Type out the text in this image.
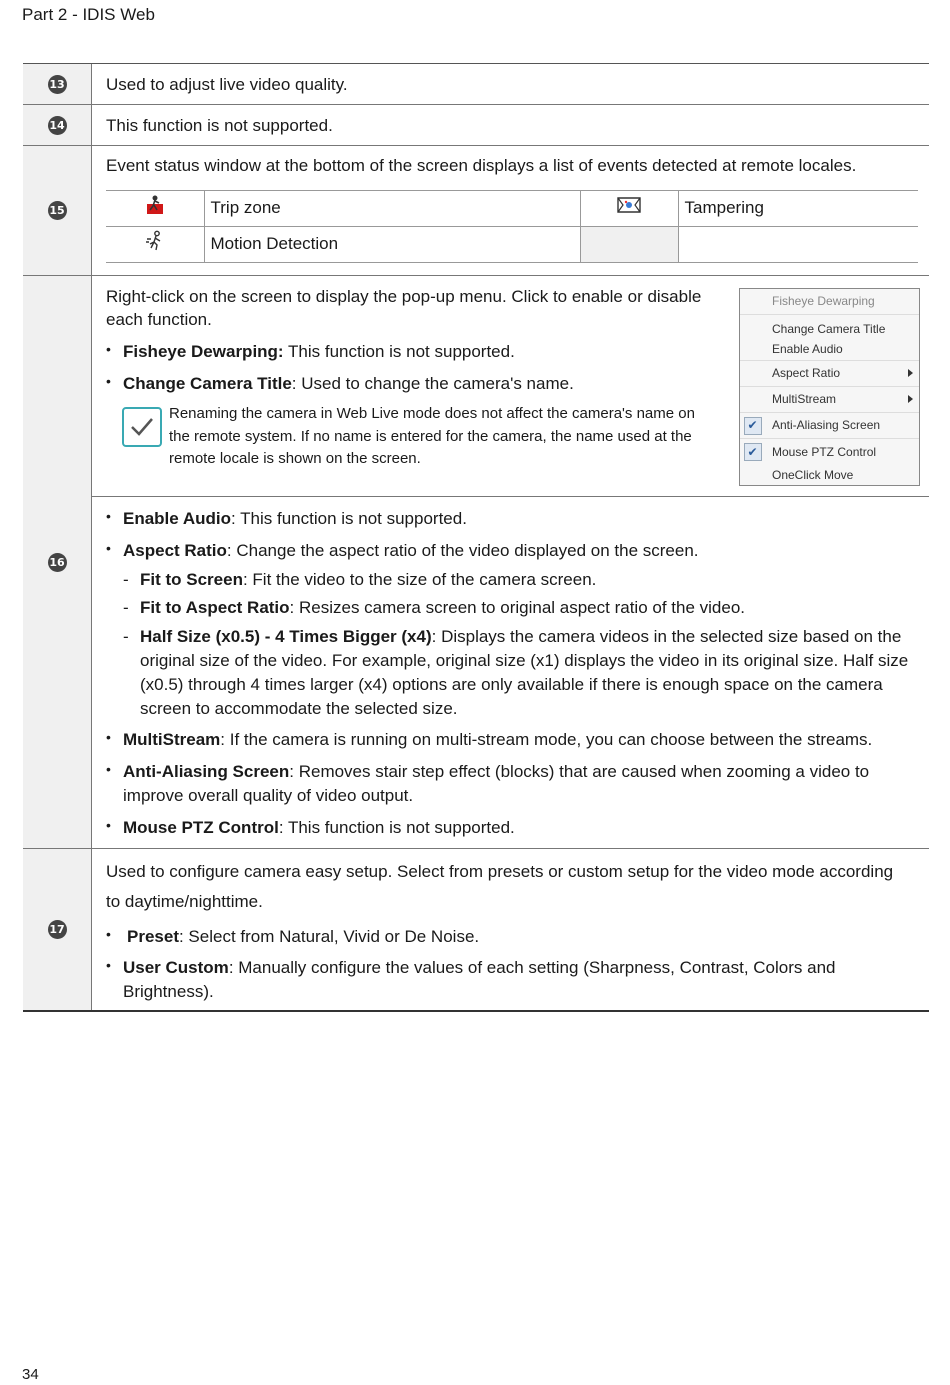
Part 2 - IDIS Web
13	Used to adjust live video quality.
14	This function is not supported.
15
Event status window at the bottom of the screen displays a list of events detected at remote locales.
	Trip zone		Tampering
	Motion Detection		
16
Right-click on the screen to display the pop-up menu. Click to enable or disable each function.
• Fisheye Dewarping: This function is not supported.
• Change Camera Title: Used to change the camera's name.
Renaming the camera in Web Live mode does not affect the camera's name on the remote system. If no name is entered for the camera, the name used at the remote locale is shown on the screen.
Fisheye Dewarping
Change Camera Title
Enable Audio
Aspect Ratio
MultiStream
✔	Anti-Aliasing Screen
✔	Mouse PTZ Control
OneClick Move
• Enable Audio: This function is not supported.
• Aspect Ratio: Change the aspect ratio of the video displayed on the screen.
- Fit to Screen: Fit the video to the size of the camera screen.
- Fit to Aspect Ratio: Resizes camera screen to original aspect ratio of the video.
- Half Size (x0.5) - 4 Times Bigger (x4): Displays the camera videos in the selected size based on the original size of the video. For example, original size (x1) displays the video in its original size. Half size (x0.5) through 4 times larger (x4) options are only available if there is enough space on the camera screen to accommodate the selected size.
• MultiStream: If the camera is running on multi-stream mode, you can choose between the streams.
• Anti-Aliasing Screen: Removes stair step effect (blocks) that are caused when zooming a video to improve overall quality of video output.
• Mouse PTZ Control: This function is not supported.
17
Used to configure camera easy setup. Select from presets or custom setup for the video mode according to daytime/nighttime.
• Preset: Select from Natural, Vivid or De Noise.
• User Custom: Manually configure the values of each setting (Sharpness, Contrast, Colors and Brightness).
34
